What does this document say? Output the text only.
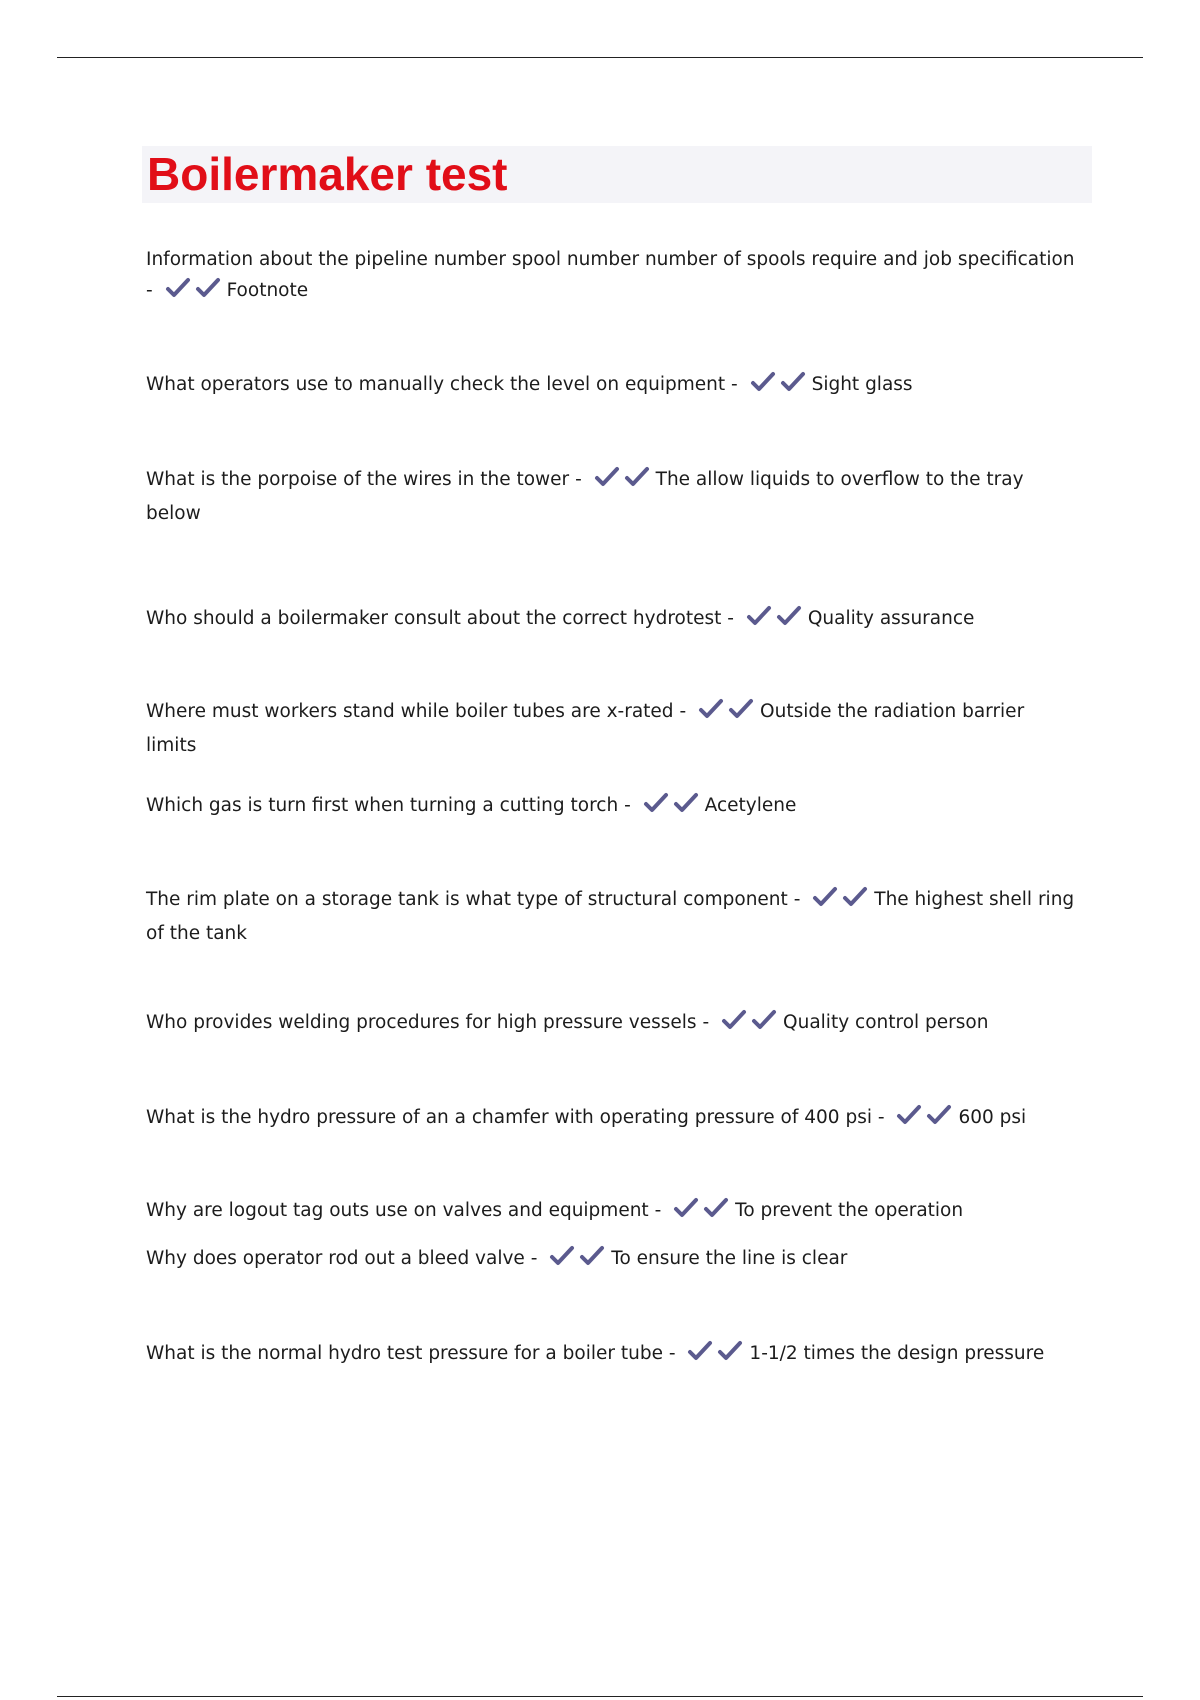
Boilermaker test

Information about the pipeline number spool number number of spools require and job specification -	Footnote

What operators use to manually check the level on equipment -	Sight glass

What is the porpoise of the wires in the tower -	The allow liquids to overflow to the tray below

Who should a boilermaker consult about the correct hydrotest -	Quality assurance

Where must workers stand while boiler tubes are x-rated -	Outside the radiation barrier limits

Which gas is turn first when turning a cutting torch -	Acetylene

The rim plate on a storage tank is what type of structural component -	The highest shell ring of the tank

Who provides welding procedures for high pressure vessels -	Quality control person

What is the hydro pressure of an a chamfer with operating pressure of 400 psi -	600 psi

Why are logout tag outs use on valves and equipment -	To prevent the operation

Why does operator rod out a bleed valve -	To ensure the line is clear

What is the normal hydro test pressure for a boiler tube -	1-1/2 times the design pressure
